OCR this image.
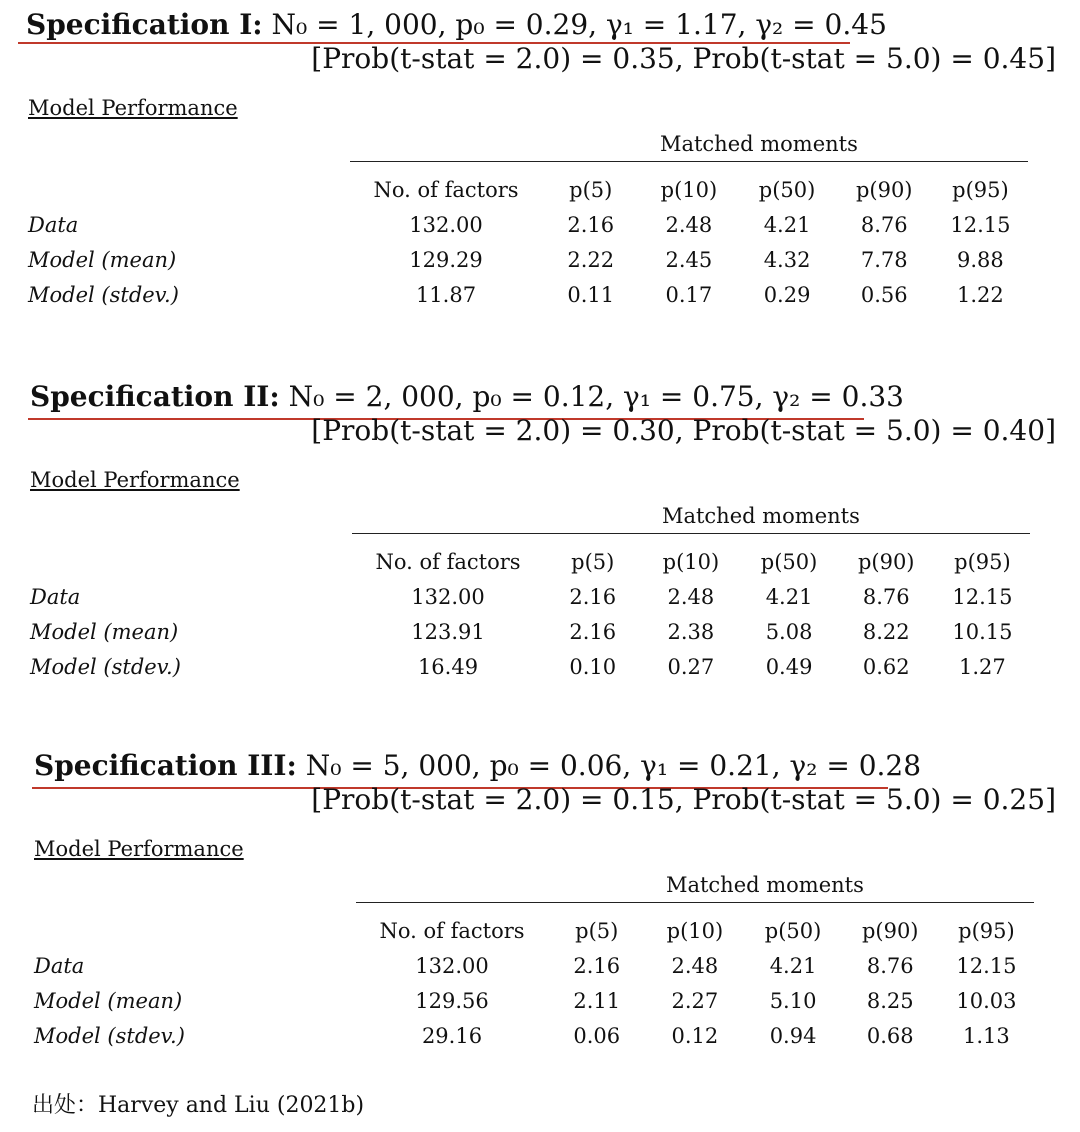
Specification I: N₀ = 1, 000, p₀ = 0.29, γ₁ = 1.17, γ₂ = 0.45
[Prob(t-stat = 2.0) = 0.35, Prob(t-stat = 5.0) = 0.45]
Model Performance
	Matched moments					

	No. of factors	p(5)	p(10)	p(50)	p(90)	p(95)
Data	132.00	2.16	2.48	4.21	8.76	12.15
Model (mean)	129.29	2.22	2.45	4.32	7.78	9.88
Model (stdev.)	11.87	0.11	0.17	0.29	0.56	1.22
Specification II: N₀ = 2, 000, p₀ = 0.12, γ₁ = 0.75, γ₂ = 0.33
[Prob(t-stat = 2.0) = 0.30, Prob(t-stat = 5.0) = 0.40]
Model Performance
	Matched moments					

	No. of factors	p(5)	p(10)	p(50)	p(90)	p(95)
Data	132.00	2.16	2.48	4.21	8.76	12.15
Model (mean)	123.91	2.16	2.38	5.08	8.22	10.15
Model (stdev.)	16.49	0.10	0.27	0.49	0.62	1.27
Specification III: N₀ = 5, 000, p₀ = 0.06, γ₁ = 0.21, γ₂ = 0.28
[Prob(t-stat = 2.0) = 0.15, Prob(t-stat = 5.0) = 0.25]
Model Performance
	Matched moments					

	No. of factors	p(5)	p(10)	p(50)	p(90)	p(95)
Data	132.00	2.16	2.48	4.21	8.76	12.15
Model (mean)	129.56	2.11	2.27	5.10	8.25	10.03
Model (stdev.)	29.16	0.06	0.12	0.94	0.68	1.13
出处：Harvey and Liu (2021b)
